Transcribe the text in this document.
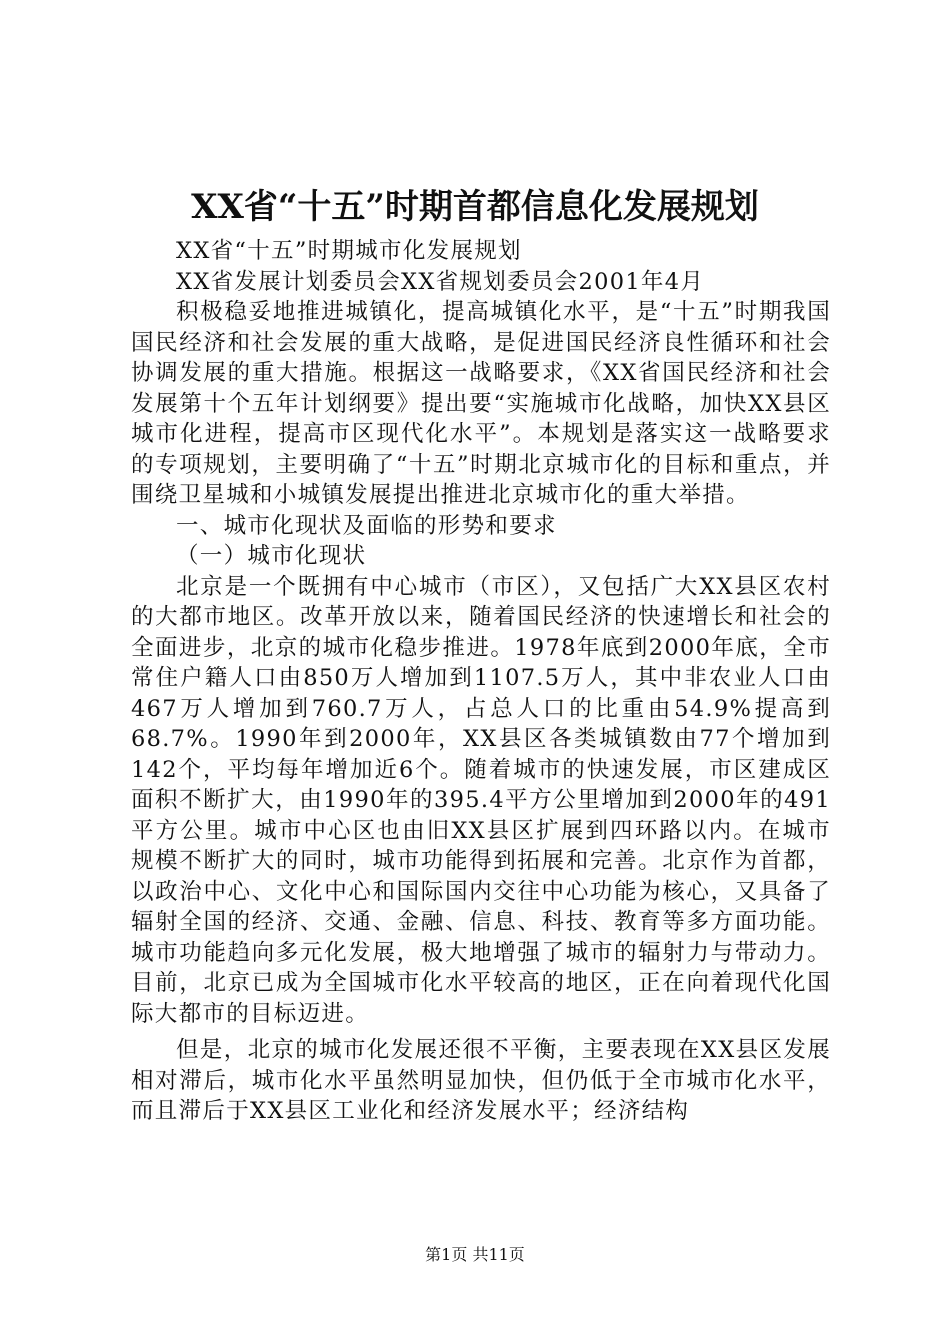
XX省“十五”时期首都信息化发展规划

XX省“十五”时期城市化发展规划

XX省发展计划委员会XX省规划委员会2001年4月

积极稳妥地推进城镇化，提高城镇化水平，是“十五”时期我国国民经济和社会发展的重大战略，是促进国民经济良性循环和社会协调发展的重大措施。根据这一战略要求，《XX省国民经济和社会发展第十个五年计划纲要》提出要“实施城市化战略，加快XX县区城市化进程，提高市区现代化水平”。本规划是落实这一战略要求的专项规划，主要明确了“十五”时期北京城市化的目标和重点，并围绕卫星城和小城镇发展提出推进北京城市化的重大举措。

一、城市化现状及面临的形势和要求

（一）城市化现状

北京是一个既拥有中心城市（市区），又包括广大XX县区农村的大都市地区。改革开放以来，随着国民经济的快速增长和社会的全面进步，北京的城市化稳步推进。1978年底到2000年底，全市常住户籍人口由850万人增加到1107.5万人，其中非农业人口由467万人增加到760.7万人，占总人口的比重由54.9%提高到68.7%。1990年到2000年，XX县区各类城镇数由77个增加到142个，平均每年增加近6个。随着城市的快速发展，市区建成区面积不断扩大，由1990年的395.4平方公里增加到2000年的491平方公里。城市中心区也由旧XX县区扩展到四环路以内。在城市规模不断扩大的同时，城市功能得到拓展和完善。北京作为首都，以政治中心、文化中心和国际国内交往中心功能为核心，又具备了辐射全国的经济、交通、金融、信息、科技、教育等多方面功能。城市功能趋向多元化发展，极大地增强了城市的辐射力与带动力。目前，北京已成为全国城市化水平较高的地区，正在向着现代化国际大都市的目标迈进。

但是，北京的城市化发展还很不平衡，主要表现在XX县区发展相对滞后，城市化水平虽然明显加快，但仍低于全市城市化水平，而且滞后于XX县区工业化和经济发展水平；经济结构

第1页 共11页
